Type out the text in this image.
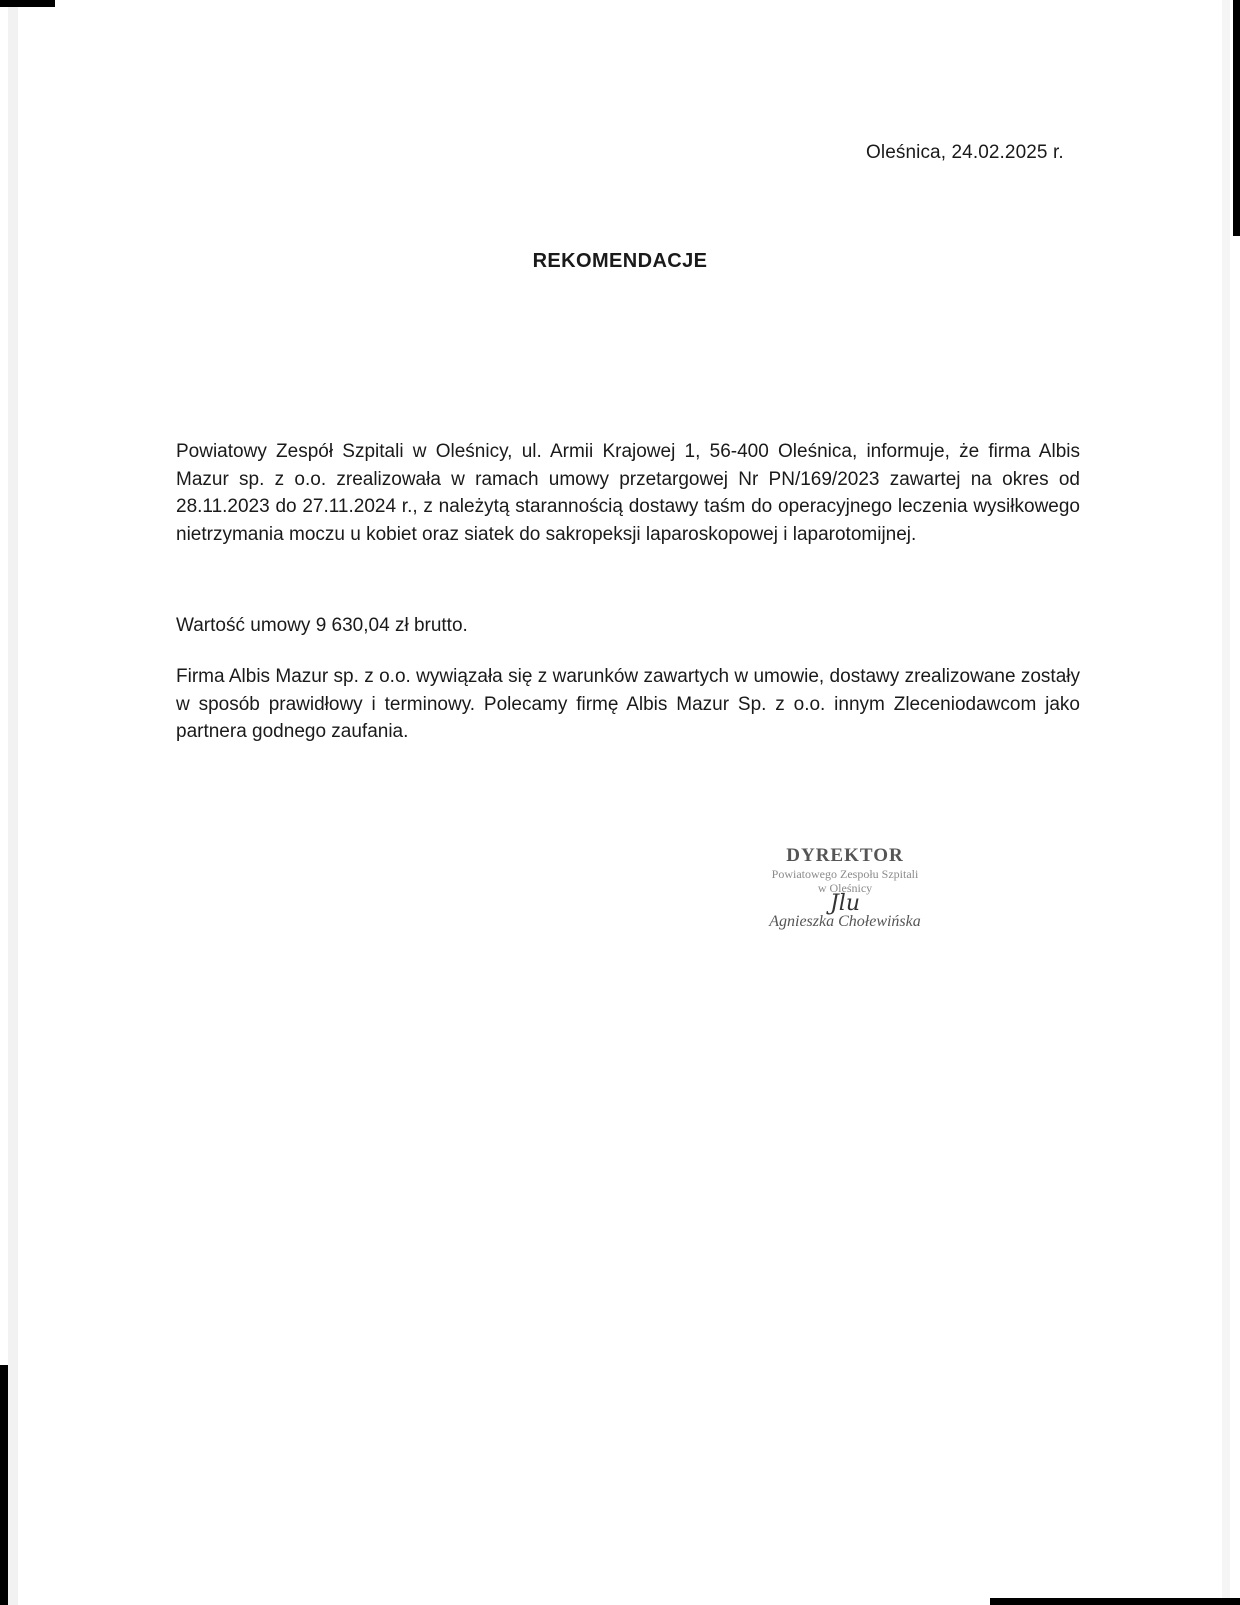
Oleśnica, 24.02.2025 r.
REKOMENDACJE
Powiatowy Zespół Szpitali w Oleśnicy, ul. Armii Krajowej 1, 56-400 Oleśnica, informuje, że firma Albis Mazur sp. z o.o. zrealizowała w ramach umowy przetargowej Nr PN/169/2023 zawartej na okres od 28.11.2023 do 27.11.2024 r., z należytą starannością dostawy taśm do operacyjnego leczenia wysiłkowego nietrzymania moczu u kobiet oraz siatek do sakropeksji laparoskopowej i laparotomijnej.
Wartość umowy 9 630,04 zł brutto.
Firma Albis Mazur sp. z o.o. wywiązała się z warunków zawartych w umowie, dostawy zrealizowane zostały w sposób prawidłowy i terminowy. Polecamy firmę Albis Mazur Sp. z o.o. innym Zleceniodawcom jako partnera godnego zaufania.
DYREKTOR
Powiatowego Zespołu Szpitali
w Oleśnicy
Jlu
Agnieszka Chołewińska
